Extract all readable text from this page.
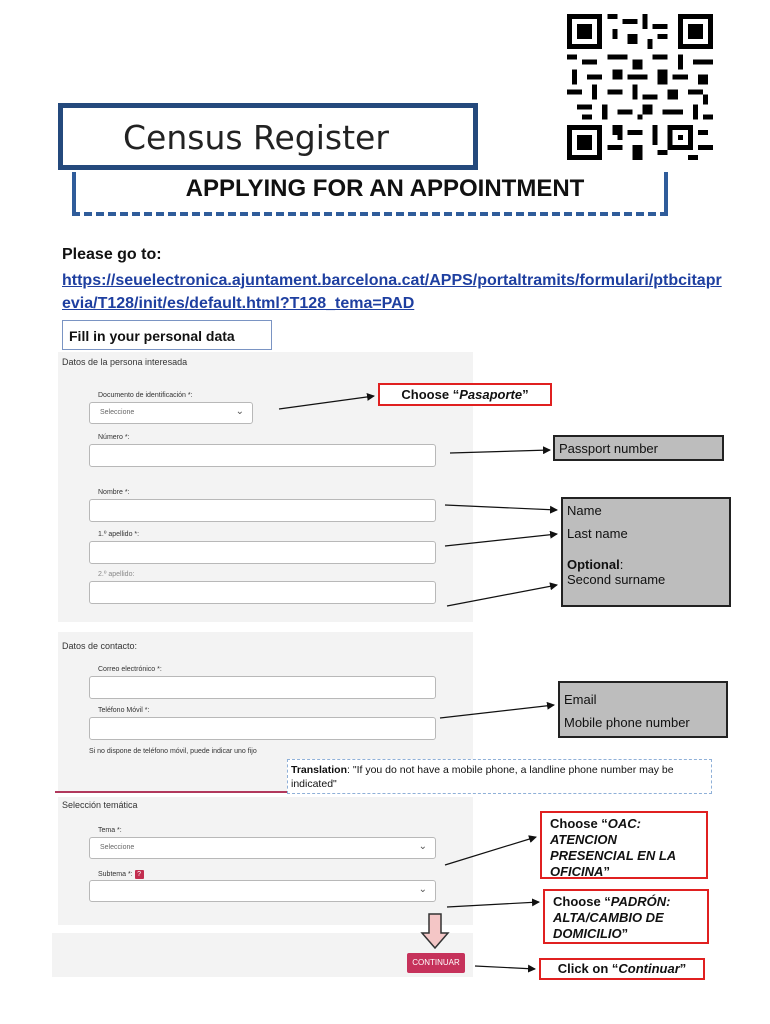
Census Register
APPLYING FOR AN APPOINTMENT
Please go to:
https://seuelectronica.ajuntament.barcelona.cat/APPS/portaltramits/formulari/ptbcitaprevia/T128/init/es/default.html?T128_tema=PAD
Fill in your personal data
Datos de la persona interesada
Documento de identificación *:
Seleccione	⌄
Número *:
Nombre *:
1.º apellido *:
2.º apellido:
Datos de contacto:
Correo electrónico *:
Teléfono Móvil *:
Si no dispone de teléfono móvil, puede indicar uno fijo
Selección temática
Tema *:
Seleccione	⌄
Subtema *: ?
⌄
CONTINUAR
Choose “Pasaporte”
Passport number
Name
Last name
Optional:
Second surname
Email
Mobile phone number
Choose “OAC: ATENCION PRESENCIAL EN LA OFICINA”
Choose “PADRÓN: ALTA/CAMBIO DE DOMICILIO”
Click on “Continuar”
Translation: "If you do not have a mobile phone, a landline phone number may be indicated"
